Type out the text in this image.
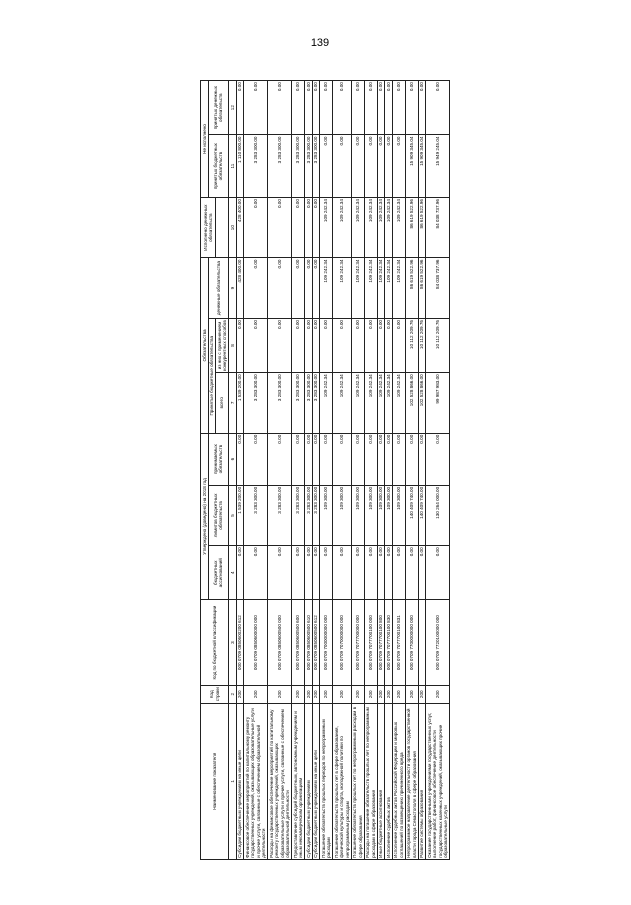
139
Наименование показателя	Код строки	Код по бюджетной классификации	Утверждено (доведено) на 2018 год			Обязательства			Исполнено денежных обязательств	Не исполнено	
			бюджетных ассигнований	лимитов бюджетных обязательств	принимаемых обязательств	Принятые бюджетные обязательства		денежные обязательства		принятых бюджетных обязательств	принятых денежных обязательств
						всего	из них с применением конкурентных способов				

1	2	3	4	5	6	7	8	9	10	11	12
Субсидии бюджетным учреждениям на иные цели	200	000 0709 0850600200 612	0.00	1 539 200.00	0.00	1 539 200.00	0.00	428 400.00	428 400.00	1 110 800.00	0.00
Финансовое обеспечение мероприятий по капитальному ремонту государственных учреждений, оказывающих образовательные услуги и прочие услуги, связанные с обеспечением образовательной деятельности	200	000 0709 0850600000 000	0.00	3 283 300.00	0.00	3 283 300.00	0.00	0.00	0.00	3 283 300.00	0.00
Расходы на финансовое обеспечение мероприятий по капитальному ремонту государственных учреждений, оказывающих образовательные услуги и прочие услуги, связанные с обеспечением образовательной деятельности	200	000 0709 0850600500 000	0.00	3 283 300.00	0.00	3 283 300.00	0.00	0.00	0.00	3 283 300.00	0.00
Предоставление субсидий бюджетным, автономным учреждениям и иным некоммерческим организациям	200	000 0709 0850600500 600	0.00	3 283 300.00	0.00	3 283 300.00	0.00	0.00	0.00	3 283 300.00	0.00
Субсидии бюджетным учреждениям	200	000 0709 0850600500 610	0.00	3 283 300.00	0.00	3 283 300.00	0.00	0.00	0.00	3 283 300.00	0.00
Субсидии бюджетным учреждениям на иные цели	200	000 0709 0850600500 612	0.00	3 283 300.00	0.00	3 283 300.00	0.00	0.00	0.00	3 283 300.00	0.00
Погашение обязательств прошлых периодов по непрограммным расходам	200	000 0709 7000000000 000	0.00	109 300.00	0.00	109 242.34	0.00	109 242.34	109 242.34	0.00	0.00
Погашение обязательств прошлых лет в сфере образования, физической культуры и спорта, молодежной политики по непрограммным расходам	200	000 0709 7070000000 000	0.00	109 300.00	0.00	109 242.34	0.00	109 242.34	109 242.34	0.00	0.00
Погашение обязательств прошлых лет по непрограммным расходам в сфере образования	200	000 0709 7077700000 000	0.00	109 300.00	0.00	109 242.34	0.00	109 242.34	109 242.34	0.00	0.00
Расходы на погашение обязательств прошлых лет по непрограммным расходам в сфере образования	200	000 0709 7077700100 000	0.00	109 300.00	0.00	109 242.34	0.00	109 242.34	109 242.34	0.00	0.00
Иные бюджетные ассигнования	200	000 0709 7077700100 800	0.00	109 300.00	0.00	109 242.34	0.00	109 242.34	109 242.34	0.00	0.00
Исполнение судебных актов	200	000 0709 7077700100 830	0.00	109 300.00	0.00	109 242.34	0.00	109 242.34	109 242.34	0.00	0.00
Исполнение судебных актов Российской Федерации и мировых соглашений по возмещению причиненного вреда	200	000 0709 7077700100 831	0.00	109 300.00	0.00	109 242.34	0.00	109 242.34	109 242.34	0.00	0.00
Непрограммное направление деятельности органов государственной власти города Севастополя в сфере образования	200	000 0709 7700000000 000	0.00	140 409 740.00	0.00	102 528 866.00	10 112 209.76	86 619 522.96	86 619 522.96	15 909 345.04	0.00
Развитие системы образования	200		0.00	140 409 740.00	0.00	102 528 866.00	10 112 209.76	86 619 522.96	86 619 522.96	15 909 345.04	0.00
Оказание государственными учреждениями государственных услуг, выполнение работ, финансовое обеспечение деятельности государственных казенных учреждений, оказывающих прочие образовательные услуги	200	000 0709 7720100000 000	0.00	130 264 000.00	0.00	99 987 983.00	10 112 209.76	84 038 737.96	84 038 737.96	15 949 245.04	0.00
